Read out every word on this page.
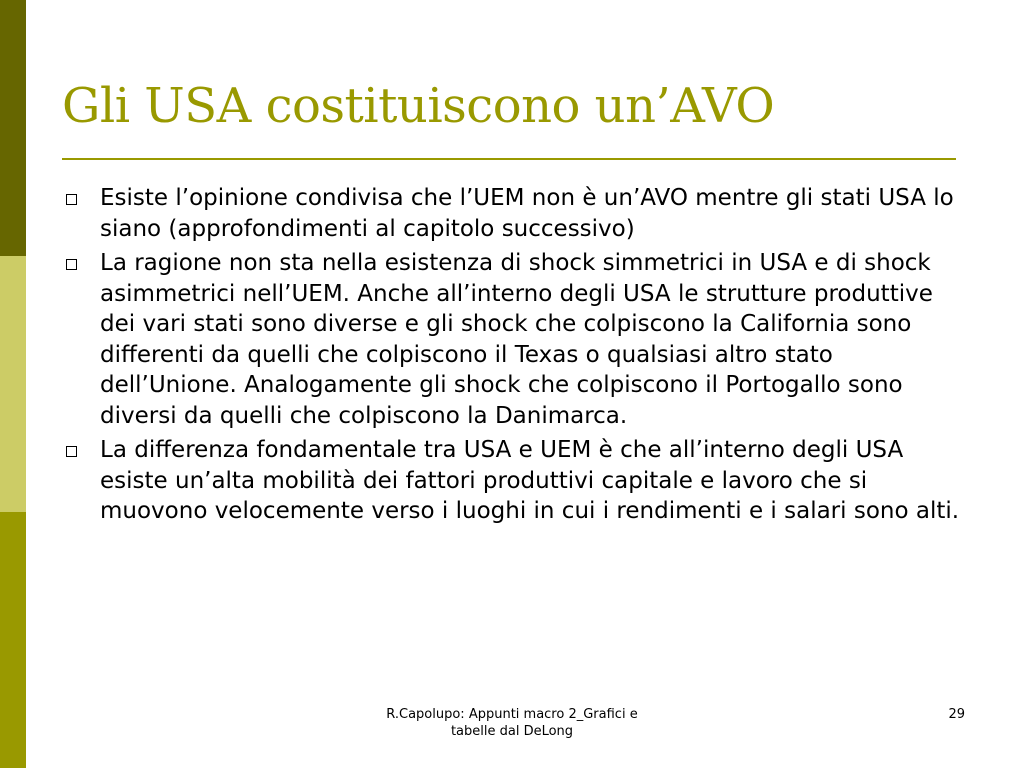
Gli USA costituiscono un’AVO
Esiste l’opinione condivisa che l’UEM non è un’AVO mentre gli stati USA lo siano (approfondimenti al capitolo successivo)
La ragione non sta nella esistenza di shock simmetrici in USA e di shock asimmetrici nell’UEM. Anche all’interno degli USA le strutture produttive dei vari stati sono diverse e gli shock che colpiscono la California sono differenti da quelli che colpiscono il Texas o qualsiasi altro stato dell’Unione. Analogamente gli shock che colpiscono il Portogallo sono diversi da quelli che colpiscono la Danimarca.
La differenza fondamentale tra USA e UEM è che all’interno degli USA esiste un’alta mobilità dei fattori produttivi capitale e lavoro che si muovono velocemente verso i luoghi in cui i rendimenti e i salari sono alti.
R.Capolupo: Appunti macro 2_Grafici e
tabelle dal DeLong
29
